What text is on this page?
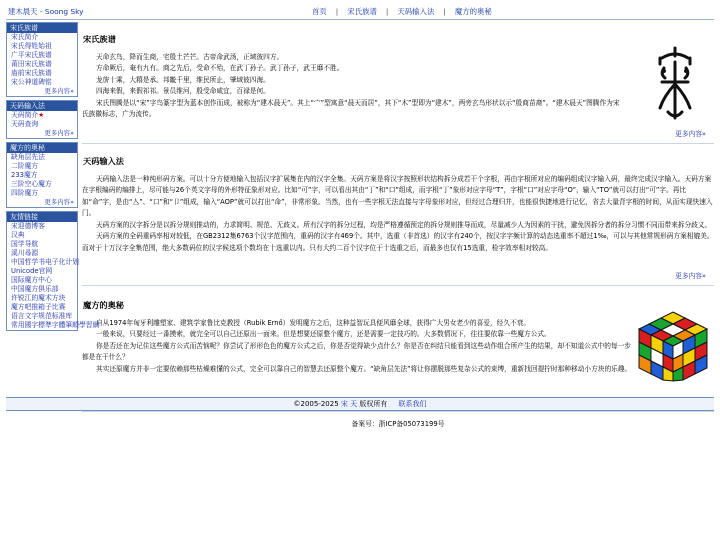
建木晨天 - Soong Sky	首页 | 宋氏族谱 | 天码输入法 | 魔方的奥秘
宋氏族谱
宋氏简介
宋氏得姓始祖
广平宋氏族谱
莆田宋氏族谱
庙前宋氏族谱
宋公神道碑铭
更多内容»
天码输入法
天码简介★
天码查询
更多内容»
魔方的奥秘
缺角层先法
二阶魔方
233魔方
三阶空心魔方
四阶魔方
更多内容»
友情链接
宋迎德博客
汉典
国学导航
溪川尋源
中国哲学书电子化计划
Unicode官网
国际魔方中心
中国魔方俱乐部
许锐江的魔术方块
魔方吧推箱子比赛
语言文字规范标准库
常用國字標準字體筆順學習網
宋氏族谱

天命玄鸟，降而生商，宅殷土芒芒。古帝命武汤，正域彼四方。

方命厥后，奄有九有。商之先后，受命不殆，在武丁孙子。武丁孙子，武王靡不胜。

龙旂十乘，大糦是承。邦畿千里，维民所止，肇域彼四海。

四海来假，来假祁祁。景员维河，殷受命咸宜，百禄是何。

宋氏图腾是以“宋”字鸟篆字型为蓝本创作而成，被称为“建木晨天”。其上“宀”型寓意“晨天而居”，其下“木”型即为“建木”，两旁玄鸟形状以示“殷商苗裔”。“建木晨天”图腾作为宋氏族徽标志，广为流传。

更多内容»
天码输入法

天码输入法是一种纯形码方案。可以十分方便地输入包括汉字扩展集在内的汉字全集。天码方案是将汉字按照形状结构拆分成若干个字根，再由字根所对应的编码组成汉字输入码，最终完成汉字输入。天码方案在字根编码的编排上，尽可能与26个英文字母的外形特征象形对应。比如“可”字，可以看出其由“丁”和“口”组成，而字根“丁”象形对应字母“T”，字根“口”对应字母“O”，输入“TO”就可以打出“可”字。再比如“命”字，是由“亼”、“口”和“卩”组成，输入“AOP”就可以打出“命”，非常形象。当然，也有一些字根无法直接与字母象形对应，但经过合理归并，也能很快捷地进行记忆，省去大量背字根的时间，从而实现快速入门。

天码方案的汉字拆分是以拆分规则推动的，力求简明、规范、无歧义。所有汉字的拆分过程，均是严格遵循预定的拆分规则推导而成，尽量减少人为因素的干扰，避免因拆分者的拆分习惯不同而带来拆分歧义。

天码方案的全码重码率相对较低，在GB2312集6763个汉字范围内，重码的汉字有469个。其中，选重（非首选）的汉字有240个，按汉字字频计算的动态选重率不超过1‰，可以与其他常规形码方案相媲美。而对于十万汉字全集范围，绝大多数码位的汉字候选项个数均在十选重以内。只有大约二百个汉字位于十选重之后，而最多也仅有15选重，检字效率相对较高。

更多内容»
魔方的奥秘

自从1974年匈牙利雕塑家、建筑学家鲁比克教授（Rubik Ernő）发明魔方之后，这种益智玩具便风靡全球，获得广大男女老少的喜爱，经久不衰。

一般来说，只要经过一番摸索，就完全可以自己还原出一面来。但是想要还原整个魔方，还是需要一定技巧的。大多数情况下，往往要依靠一些魔方公式。

你是否还在为记住这些魔方公式而苦恼呢？你尝试了形形色色的魔方公式之后，你是否觉得缺少点什么？你是否在纠结只能看到这些动作组合所产生的结果，却不知道公式中的每一步都是在干什么？

其实还原魔方并非一定要依赖那些枯燥难懂的公式，完全可以靠自己的智慧去还原整个魔方。“缺角层先法”将让你摆脱那些复杂公式的束缚，重新找回提拧时那种移动小方块的乐趣。

备案号：浙ICP备05073199号
©2005-2025 宋 天 版权所有 联系我们
